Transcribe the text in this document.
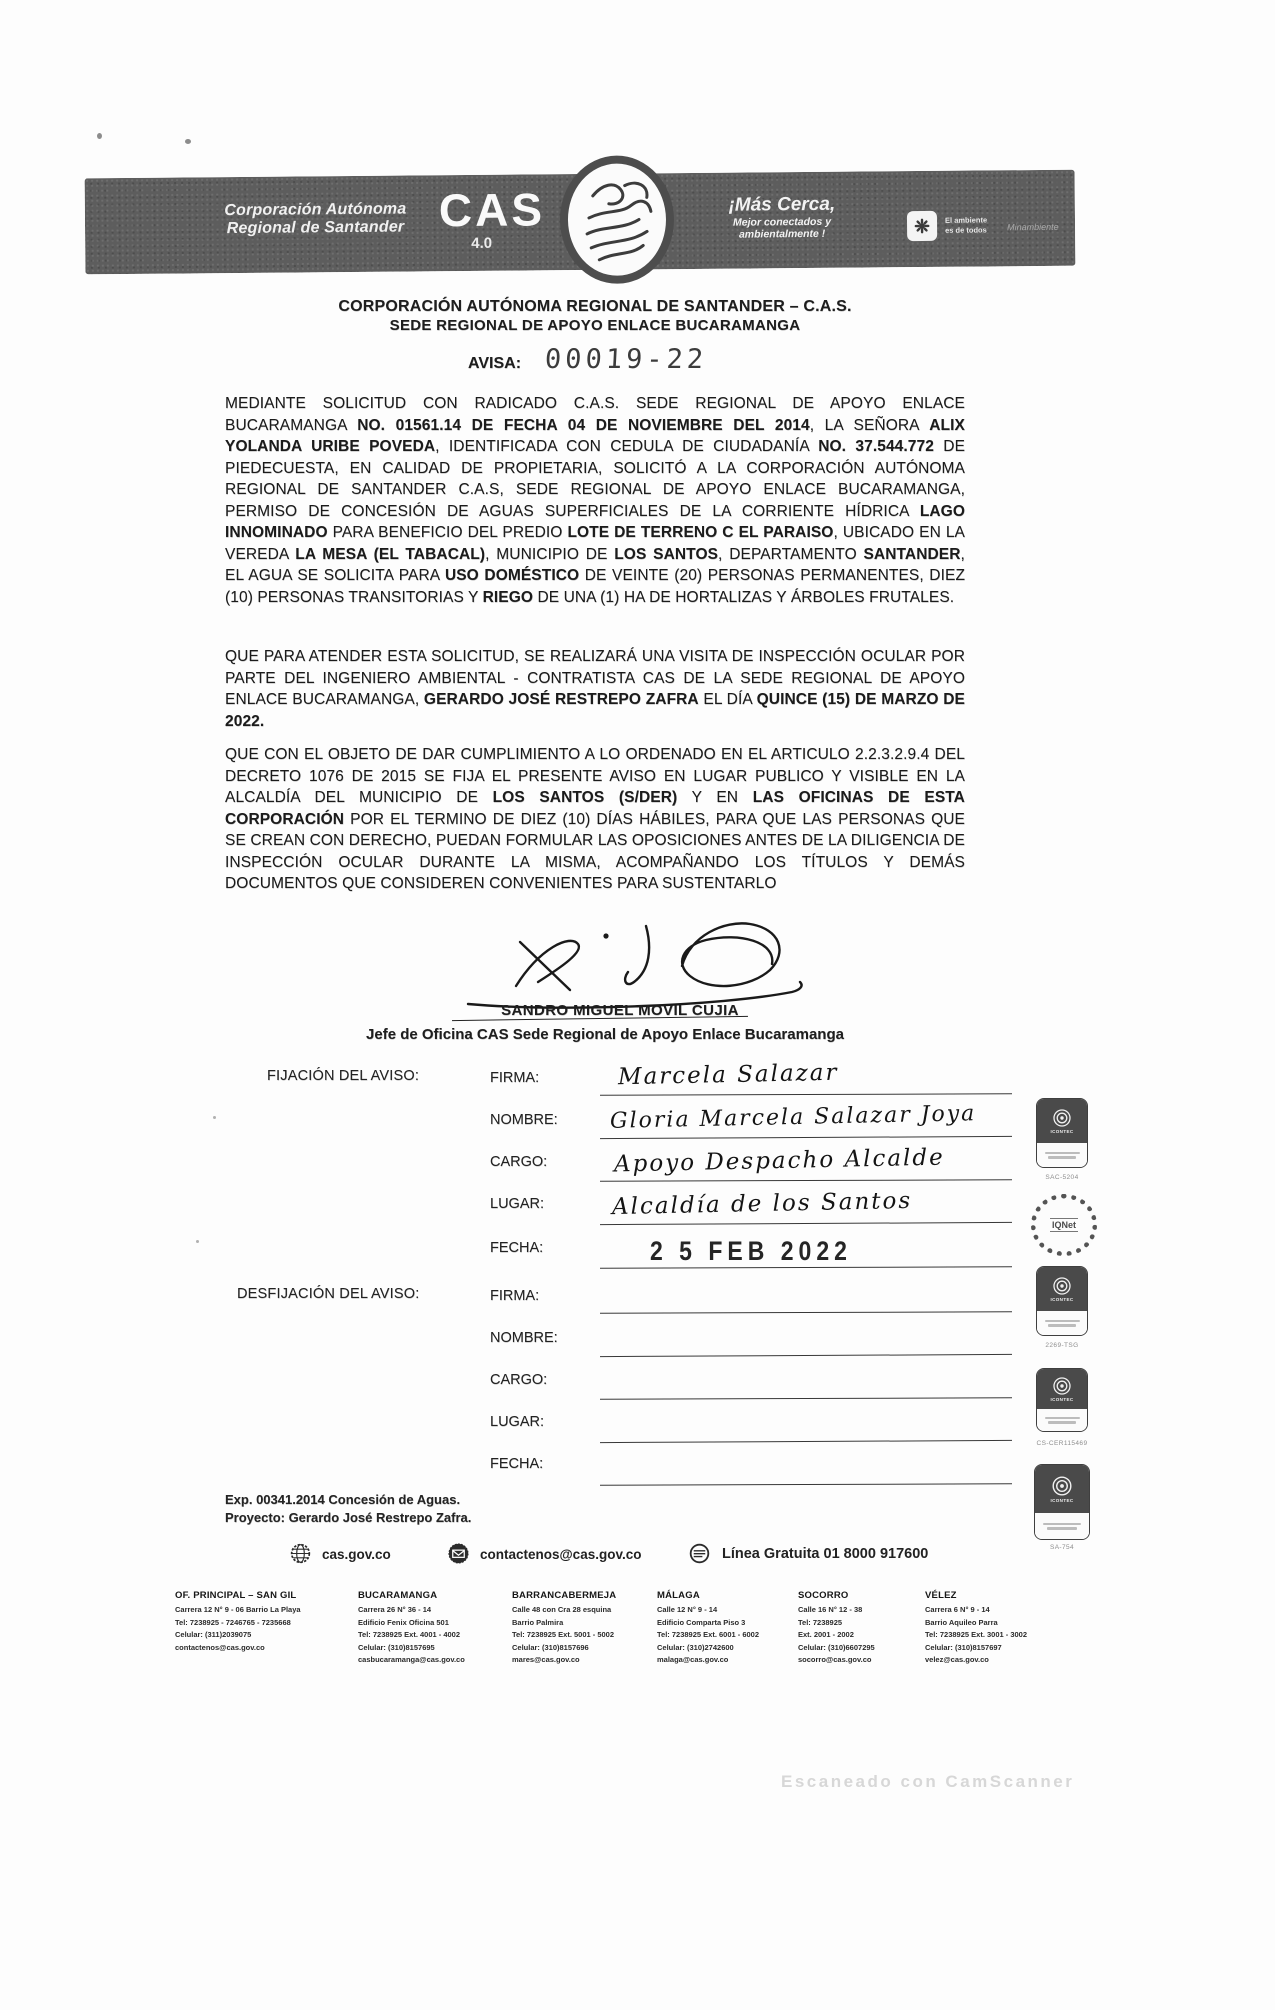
Corporación Autónoma
Regional de Santander CAS
4.0
¡Más Cerca,
Mejor conectados y
ambientalmente !
El ambiente
es de todos Minambiente
CORPORACIÓN AUTÓNOMA REGIONAL DE SANTANDER – C.A.S.
SEDE REGIONAL DE APOYO ENLACE BUCARAMANGA
AVISA: 00019-22
MEDIANTE SOLICITUD CON RADICADO C.A.S. SEDE REGIONAL DE APOYO ENLACE BUCARAMANGA NO. 01561.14 DE FECHA 04 DE NOVIEMBRE DEL 2014, LA SEÑORA ALIX YOLANDA URIBE POVEDA, IDENTIFICADA CON CEDULA DE CIUDADANÍA NO. 37.544.772 DE PIEDECUESTA, EN CALIDAD DE PROPIETARIA, SOLICITÓ A LA CORPORACIÓN AUTÓNOMA REGIONAL DE SANTANDER C.A.S, SEDE REGIONAL DE APOYO ENLACE BUCARAMANGA, PERMISO DE CONCESIÓN DE AGUAS SUPERFICIALES DE LA CORRIENTE HÍDRICA LAGO INNOMINADO PARA BENEFICIO DEL PREDIO LOTE DE TERRENO C EL PARAISO, UBICADO EN LA VEREDA LA MESA (EL TABACAL), MUNICIPIO DE LOS SANTOS, DEPARTAMENTO SANTANDER, EL AGUA SE SOLICITA PARA USO DOMÉSTICO DE VEINTE (20) PERSONAS PERMANENTES, DIEZ (10) PERSONAS TRANSITORIAS Y RIEGO DE UNA (1) HA DE HORTALIZAS Y ÁRBOLES FRUTALES.
QUE PARA ATENDER ESTA SOLICITUD, SE REALIZARÁ UNA VISITA DE INSPECCIÓN OCULAR POR PARTE DEL INGENIERO AMBIENTAL - CONTRATISTA CAS DE LA SEDE REGIONAL DE APOYO ENLACE BUCARAMANGA, GERARDO JOSÉ RESTREPO ZAFRA EL DÍA QUINCE (15) DE MARZO DE 2022.
QUE CON EL OBJETO DE DAR CUMPLIMIENTO A LO ORDENADO EN EL ARTICULO 2.2.3.2.9.4 DEL DECRETO 1076 DE 2015 SE FIJA EL PRESENTE AVISO EN LUGAR PUBLICO Y VISIBLE EN LA ALCALDÍA DEL MUNICIPIO DE LOS SANTOS (S/DER) Y EN LAS OFICINAS DE ESTA CORPORACIÓN POR EL TERMINO DE DIEZ (10) DÍAS HÁBILES, PARA QUE LAS PERSONAS QUE SE CREAN CON DERECHO, PUEDAN FORMULAR LAS OPOSICIONES ANTES DE LA DILIGENCIA DE INSPECCIÓN OCULAR DURANTE LA MISMA, ACOMPAÑANDO LOS TÍTULOS Y DEMÁS DOCUMENTOS QUE CONSIDEREN CONVENIENTES PARA SUSTENTARLO
SANDRO MIGUEL MOVIL CUJIA
Jefe de Oficina CAS Sede Regional de Apoyo Enlace Bucaramanga
FIJACIÓN DEL AVISO:	FIRMA:	Marcela Salazar
NOMBRE: Gloria Marcela Salazar Joya
CARGO:	Apoyo Despacho Alcalde
LUGAR:	Alcaldía de los Santos
FECHA:	2 5 FEB 2022
DESFIJACIÓN DEL AVISO:	FIRMA:
NOMBRE:
CARGO:
LUGAR:
FECHA:
ICONTEC
SAC-5204
IQNet
ICONTEC
2269-TSG
ICONTEC
CS-CER115469
ICONTEC
SA-754
Exp. 00341.2014 Concesión de Aguas.
Proyecto: Gerardo José Restrepo Zafra.
cas.gov.co	contactenos@cas.gov.co	Línea Gratuita 01 8000 917600
OF. PRINCIPAL – SAN GIL
Carrera 12 N° 9 - 06 Barrio La Playa
Tel: 7238925 - 7246765 - 7235668
Celular: (311)2039075
contactenos@cas.gov.co
BUCARAMANGA
Carrera 26 N° 36 - 14
Edificio Fenix Oficina 501
Tel: 7238925 Ext. 4001 - 4002
Celular: (310)8157695
casbucaramanga@cas.gov.co
BARRANCABERMEJA
Calle 48 con Cra 28 esquina
Barrio Palmira
Tel: 7238925 Ext. 5001 - 5002
Celular: (310)8157696
mares@cas.gov.co
MÁLAGA
Calle 12 N° 9 - 14
Edificio Comparta Piso 3
Tel: 7238925 Ext. 6001 - 6002
Celular: (310)2742600
malaga@cas.gov.co
SOCORRO
Calle 16 N° 12 - 38
Tel: 7238925
Ext. 2001 - 2002
Celular: (310)6607295
socorro@cas.gov.co
VÉLEZ
Carrera 6 N° 9 - 14
Barrio Aquileo Parra
Tel: 7238925 Ext. 3001 - 3002
Celular: (310)8157697
velez@cas.gov.co
Escaneado con CamScanner
